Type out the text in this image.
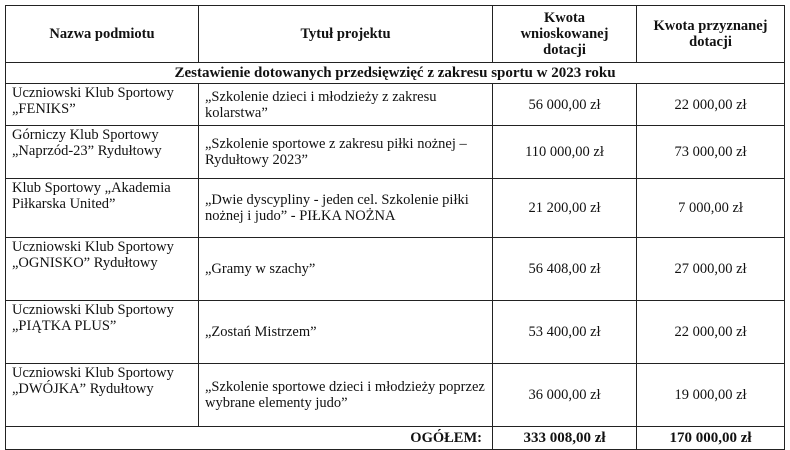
Zestawienie dotowanych przedsięwzięć z zakresu sportu w 2023 roku			
Nazwa podmiotu	Tytuł projektu	Kwota wnioskowanej dotacji	Kwota przyznanej dotacji
Uczniowski Klub Sportowy „FENIKS”	„Szkolenie dzieci i młodzieży z zakresu kolarstwa”	56 000,00 zł	22 000,00 zł
Górniczy Klub Sportowy „Naprzód-23” Rydułtowy	„Szkolenie sportowe z zakresu piłki nożnej – Rydułtowy 2023”	110 000,00 zł	73 000,00 zł
Klub Sportowy „Akademia Piłkarska United”	„Dwie dyscypliny - jeden cel. Szkolenie piłki nożnej i judo” - PIŁKA NOŻNA	21 200,00 zł	7 000,00 zł
Uczniowski Klub Sportowy „OGNISKO” Rydułtowy	„Gramy w szachy”	56 408,00 zł	27 000,00 zł
Uczniowski Klub Sportowy „PIĄTKA PLUS”	„Zostań Mistrzem”	53 400,00 zł	22 000,00 zł
Uczniowski Klub Sportowy „DWÓJKA” Rydułtowy	„Szkolenie sportowe dzieci i młodzieży poprzez wybrane elementy judo”	36 000,00 zł	19 000,00 zł
OGÓŁEM:		333 008,00 zł	170 000,00 zł
